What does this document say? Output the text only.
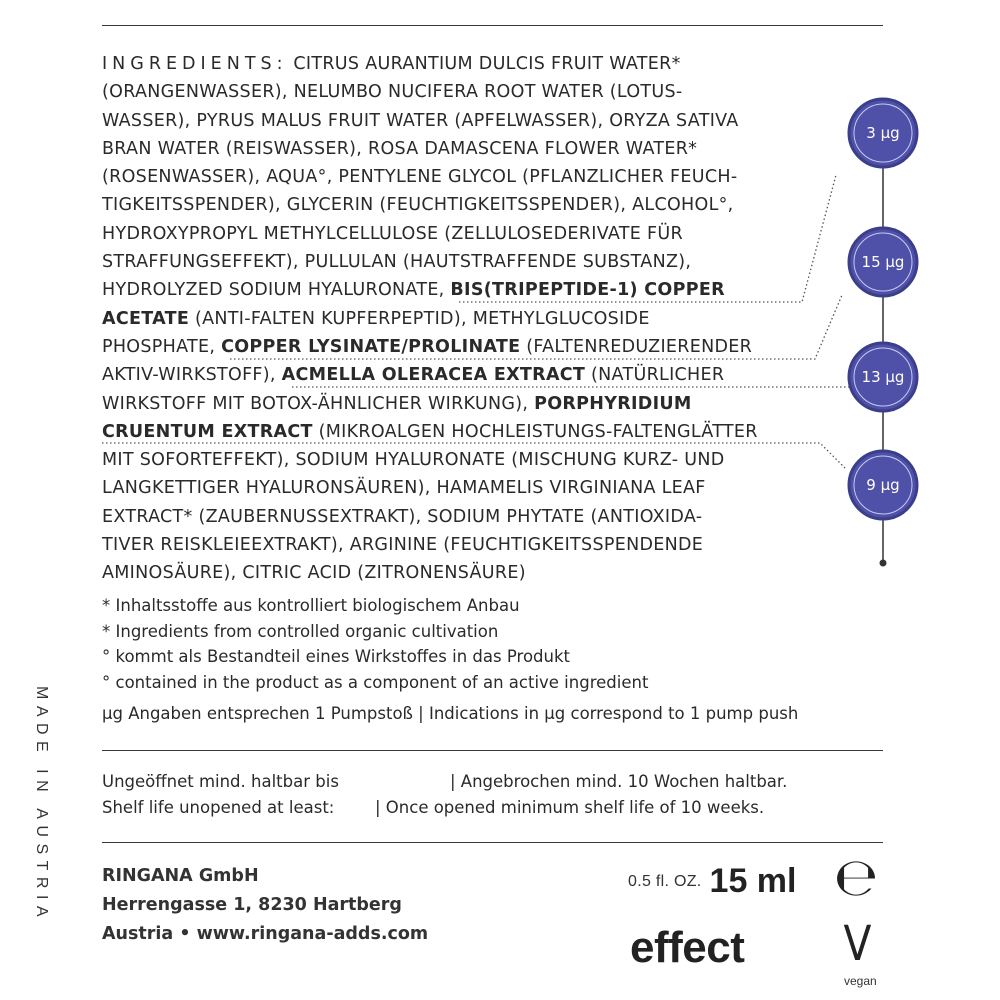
INGREDIENTS: CITRUS AURANTIUM DULCIS FRUIT WATER*
(ORANGENWASSER), NELUMBO NUCIFERA ROOT WATER (LOTUS-
WASSER), PYRUS MALUS FRUIT WATER (APFELWASSER), ORYZA SATIVA
BRAN WATER (REISWASSER), ROSA DAMASCENA FLOWER WATER*
(ROSENWASSER), AQUA°, PENTYLENE GLYCOL (PFLANZLICHER FEUCH-
TIGKEITSSPENDER), GLYCERIN (FEUCHTIGKEITSSPENDER), ALCOHOL°,
HYDROXYPROPYL METHYLCELLULOSE (ZELLULOSEDERIVATE FÜR
STRAFFUNGSEFFEKT), PULLULAN (HAUTSTRAFFENDE SUBSTANZ),
HYDROLYZED SODIUM HYALURONATE, BIS(TRIPEPTIDE-1) COPPER
ACETATE (ANTI-FALTEN KUPFERPEPTID), METHYLGLUCOSIDE
PHOSPHATE, COPPER LYSINATE/PROLINATE (FALTENREDUZIERENDER
AKTIV-WIRKSTOFF), ACMELLA OLERACEA EXTRACT (NATÜRLICHER
WIRKSTOFF MIT BOTOX-ÄHNLICHER WIRKUNG), PORPHYRIDIUM
CRUENTUM EXTRACT (MIKROALGEN HOCHLEISTUNGS-FALTENGLÄTTER
MIT SOFORTEFFEKT), SODIUM HYALURONATE (MISCHUNG KURZ- UND
LANGKETTIGER HYALURONSÄUREN), HAMAMELIS VIRGINIANA LEAF
EXTRACT* (ZAUBERNUSSEXTRAKT), SODIUM PHYTATE (ANTIOXIDA-
TIVER REISKLEIEEXTRAKT), ARGININE (FEUCHTIGKEITSSPENDENDE
AMINOSÄURE), CITRIC ACID (ZITRONENSÄURE)
3 µg
15 µg
13 µg
9 µg
* Inhaltsstoffe aus kontrolliert biologischem Anbau
* Ingredients from controlled organic cultivation
° kommt als Bestandteil eines Wirkstoffes in das Produkt
° contained in the product as a component of an active ingredient
µg Angaben entsprechen 1 Pumpstoß | Indications in µg correspond to 1 pump push
Ungeöffnet mind. haltbar bis	| Angebrochen mind. 10 Wochen haltbar.
Shelf life unopened at least: | Once opened minimum shelf life of 10 weeks.
RINGANA GmbH
Herrengasse 1, 8230 Hartberg
Austria • www.ringana-adds.com
MADE IN AUSTRIA	0.5 fl. OZ. 15 ml ℮
effect V
vegan
